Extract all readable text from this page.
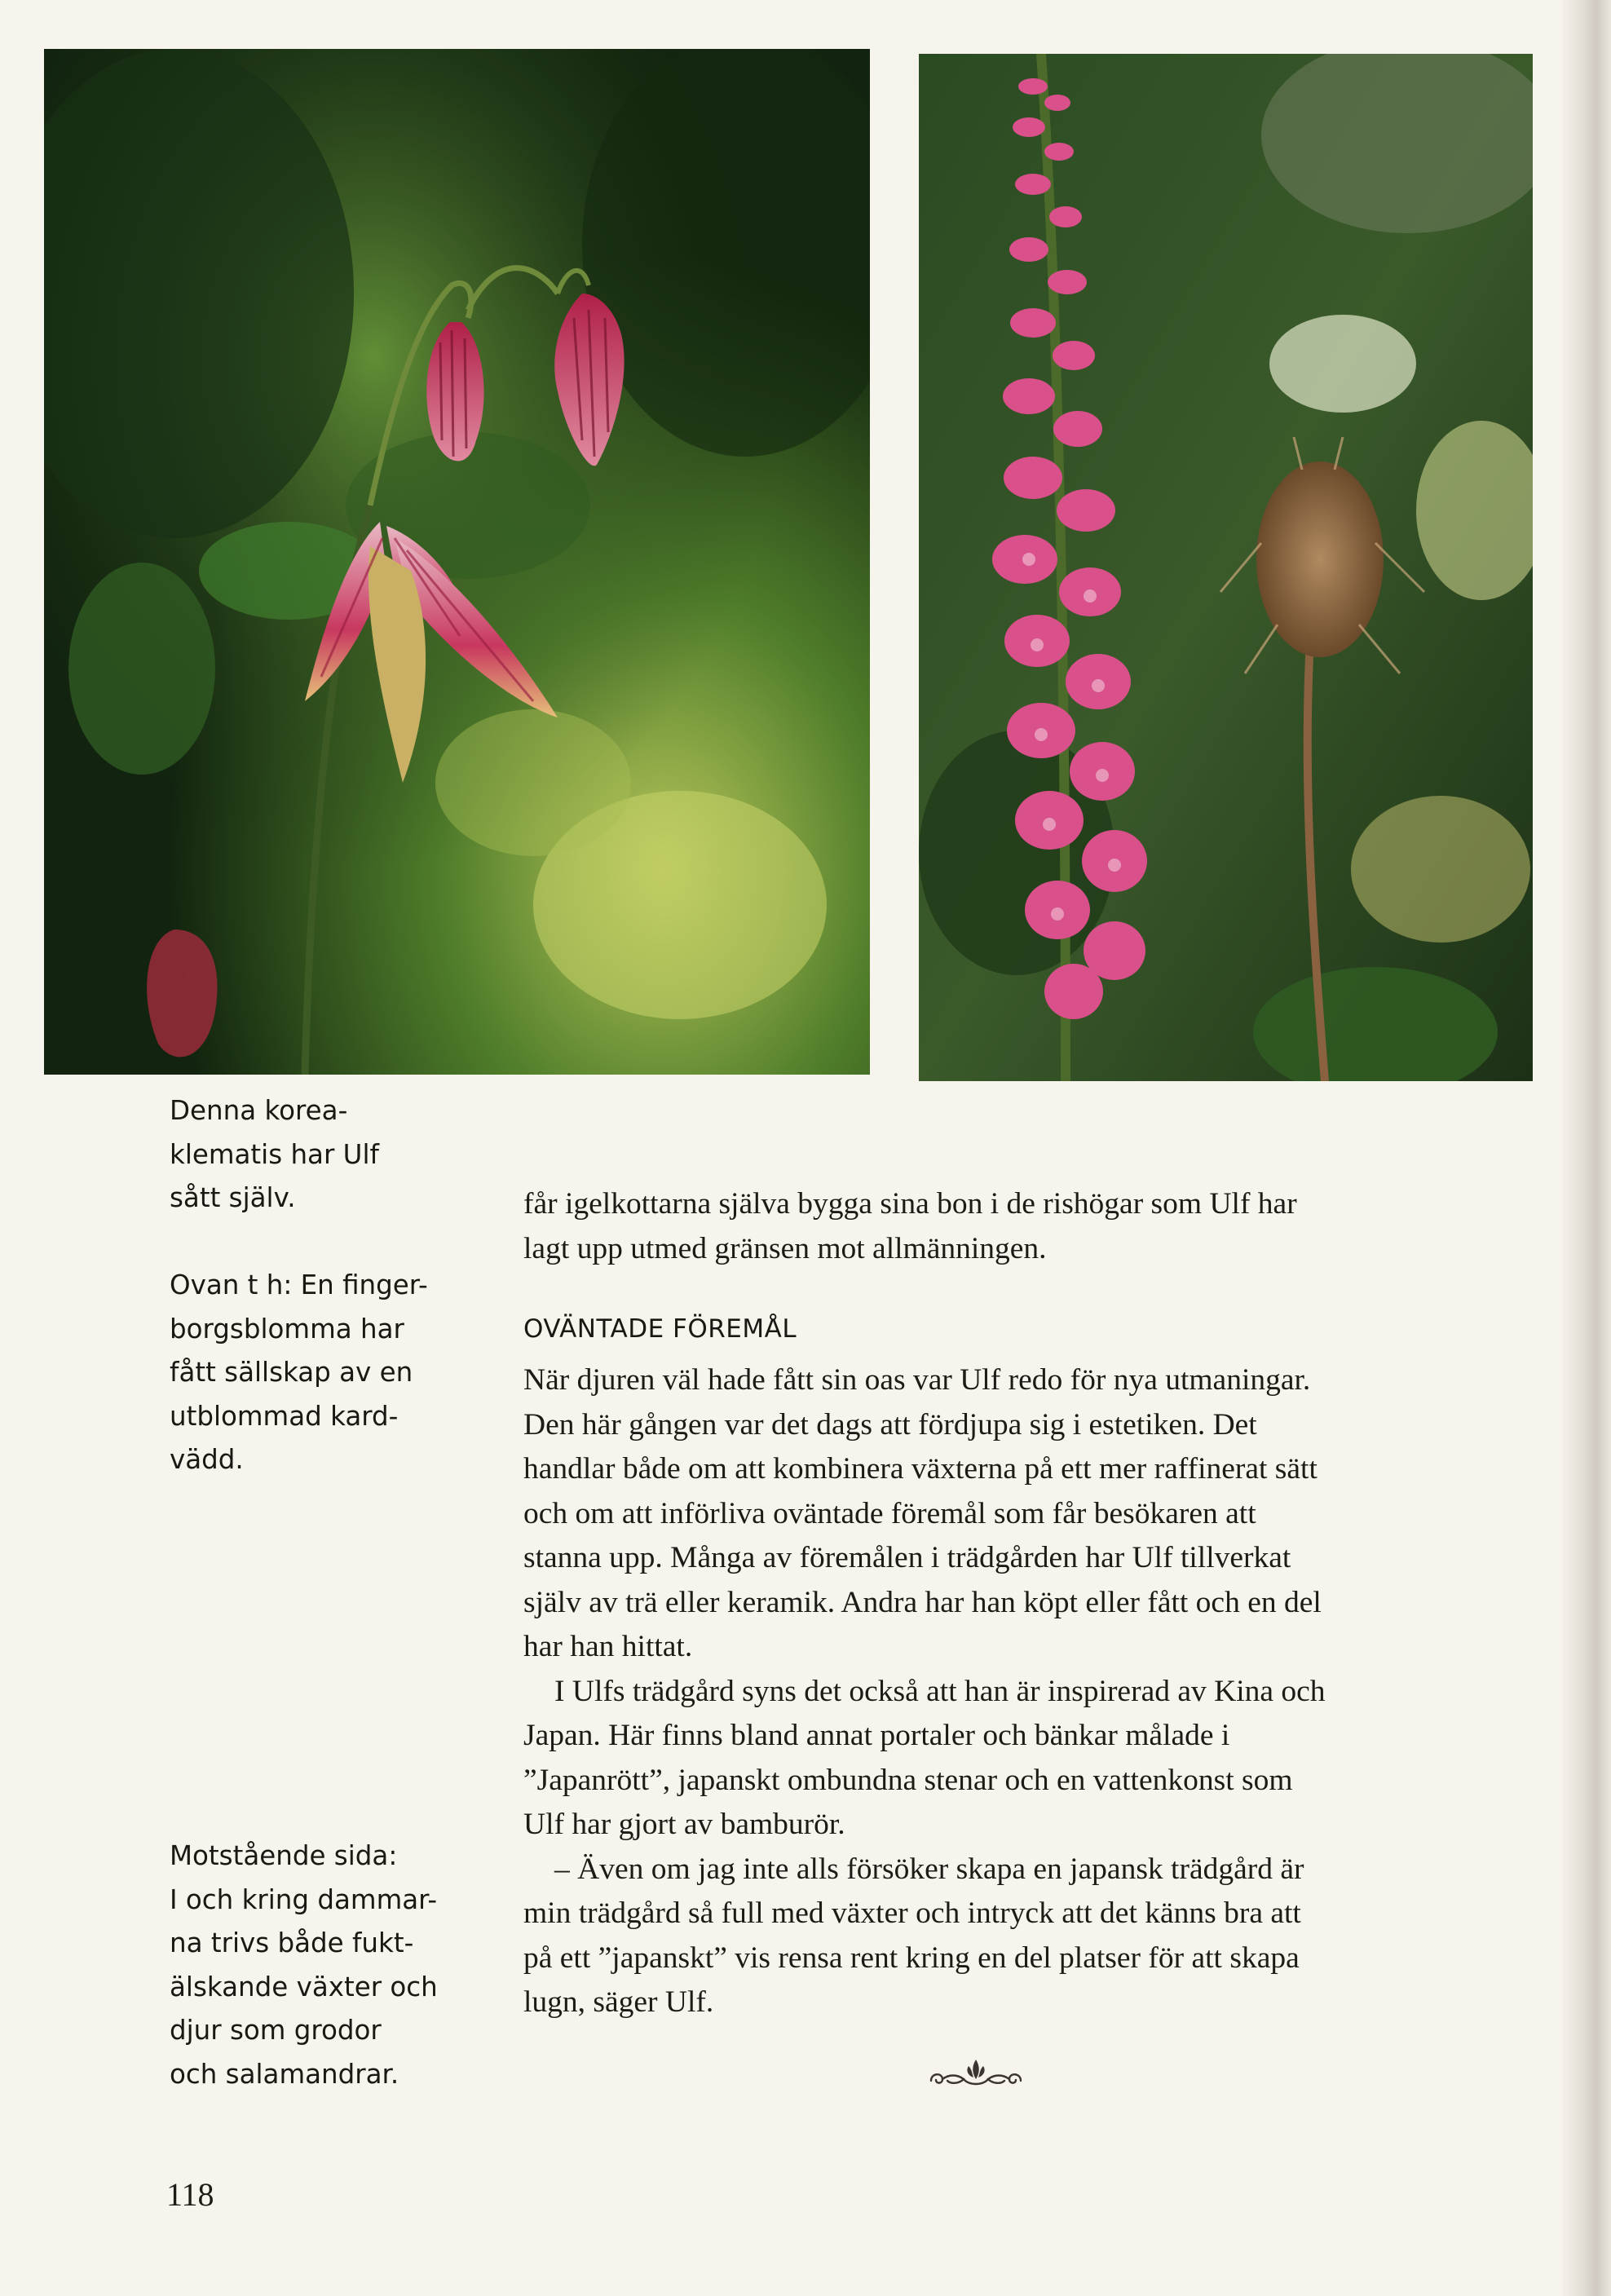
Denna korea-
klematis har Ulf
sått själv.

Ovan t h: En finger-
borgsblomma har
fått sällskap av en
utblommad kard-
vädd.

Motstående sida:
I och kring dammar-
na trivs både fukt-
älskande växter och
djur som grodor
och salamandrar.

får igelkottarna själva bygga sina bon i de rishögar som Ulf har
lagt upp utmed gränsen mot allmänningen.
OVÄNTADE FÖREMÅL
När djuren väl hade fått sin oas var Ulf redo för nya utmaningar.
Den här gången var det dags att fördjupa sig i estetiken. Det
handlar både om att kombinera växterna på ett mer raffinerat sätt
och om att införliva oväntade föremål som får besökaren att
stanna upp. Många av föremålen i trädgården har Ulf tillverkat
själv av trä eller keramik. Andra har han köpt eller fått och en del
har han hittat.
I Ulfs trädgård syns det också att han är inspirerad av Kina och
Japan. Här finns bland annat portaler och bänkar målade i
”Japanrött”, japanskt ombundna stenar och en vattenkonst som
Ulf har gjort av bamburör.
– Även om jag inte alls försöker skapa en japansk trädgård är
min trädgård så full med växter och intryck att det känns bra att
på ett ”japanskt” vis rensa rent kring en del platser för att skapa
lugn, säger Ulf.
118
